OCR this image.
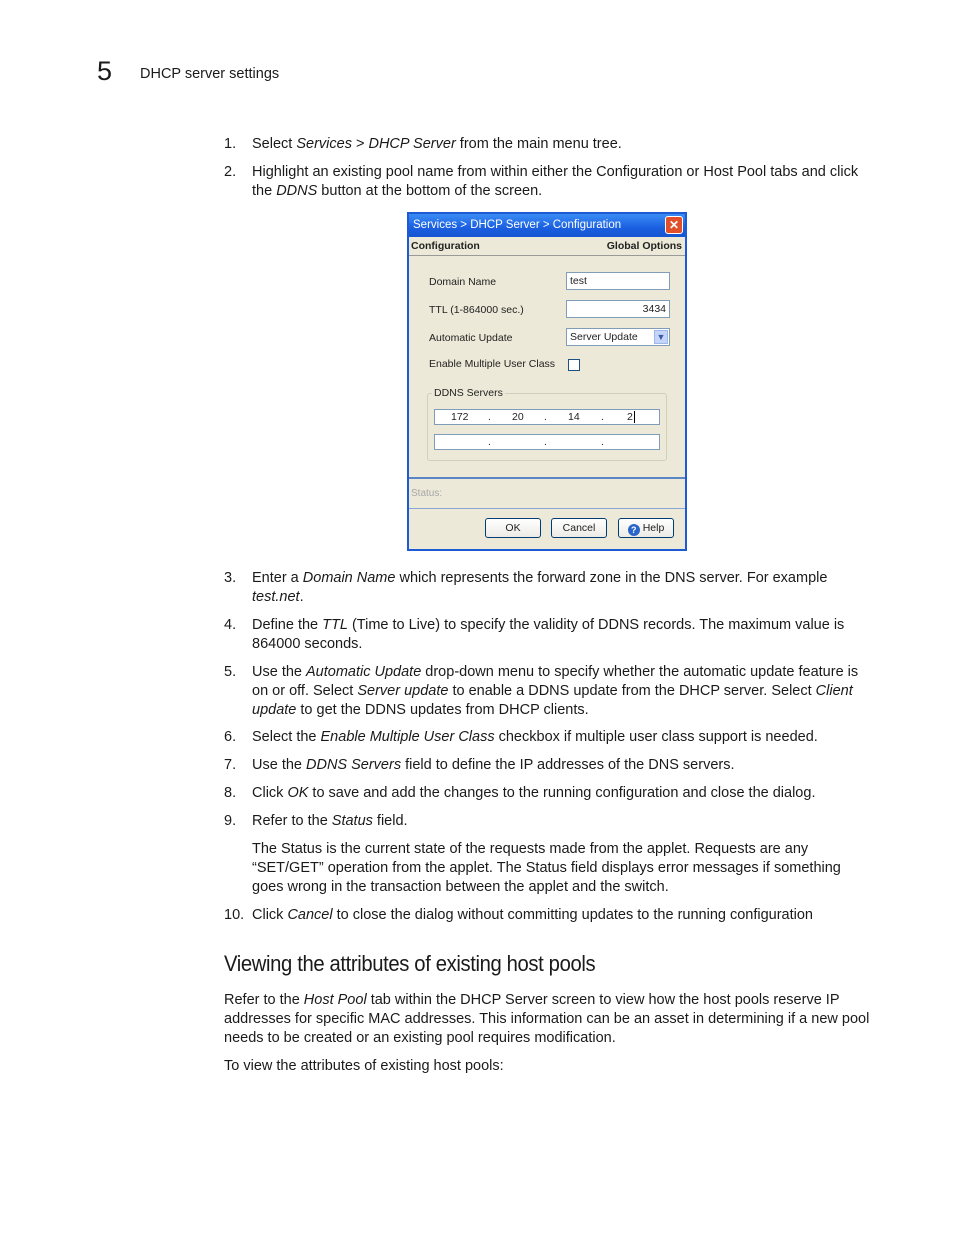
5 DHCP server settings
1.	Select Services > DHCP Server from the main menu tree.
2.	Highlight an existing pool name from within either the Configuration or Host Pool tabs and click the DDNS button at the bottom of the screen.
Services > DHCP Server > Configuration	✕
Configuration	Global Options
Domain Name	test
TTL (1-864000 sec.)	3434
Automatic Update	Server Update ▼
Enable Multiple User Class
DDNS Servers
172 . 20 . 14 . 2
.	.	.
Status:
OK	Cancel	? Help
3.	Enter a Domain Name which represents the forward zone in the DNS server. For example test.net.
4.	Define the TTL (Time to Live) to specify the validity of DDNS records. The maximum value is 864000 seconds.
5.	Use the Automatic Update drop-down menu to specify whether the automatic update feature is on or off. Select Server update to enable a DDNS update from the DHCP server. Select Client update to get the DDNS updates from DHCP clients.
6.	Select the Enable Multiple User Class checkbox if multiple user class support is needed.
7.	Use the DDNS Servers field to define the IP addresses of the DNS servers.
8.	Click OK to save and add the changes to the running configuration and close the dialog.
9.	Refer to the Status field.
The Status is the current state of the requests made from the applet. Requests are any “SET/GET” operation from the applet. The Status field displays error messages if something goes wrong in the transaction between the applet and the switch.
10. Click Cancel to close the dialog without committing updates to the running configuration
Viewing the attributes of existing host pools
Refer to the Host Pool tab within the DHCP Server screen to view how the host pools reserve IP addresses for specific MAC addresses. This information can be an asset in determining if a new pool needs to be created or an existing pool requires modification.
To view the attributes of existing host pools:
